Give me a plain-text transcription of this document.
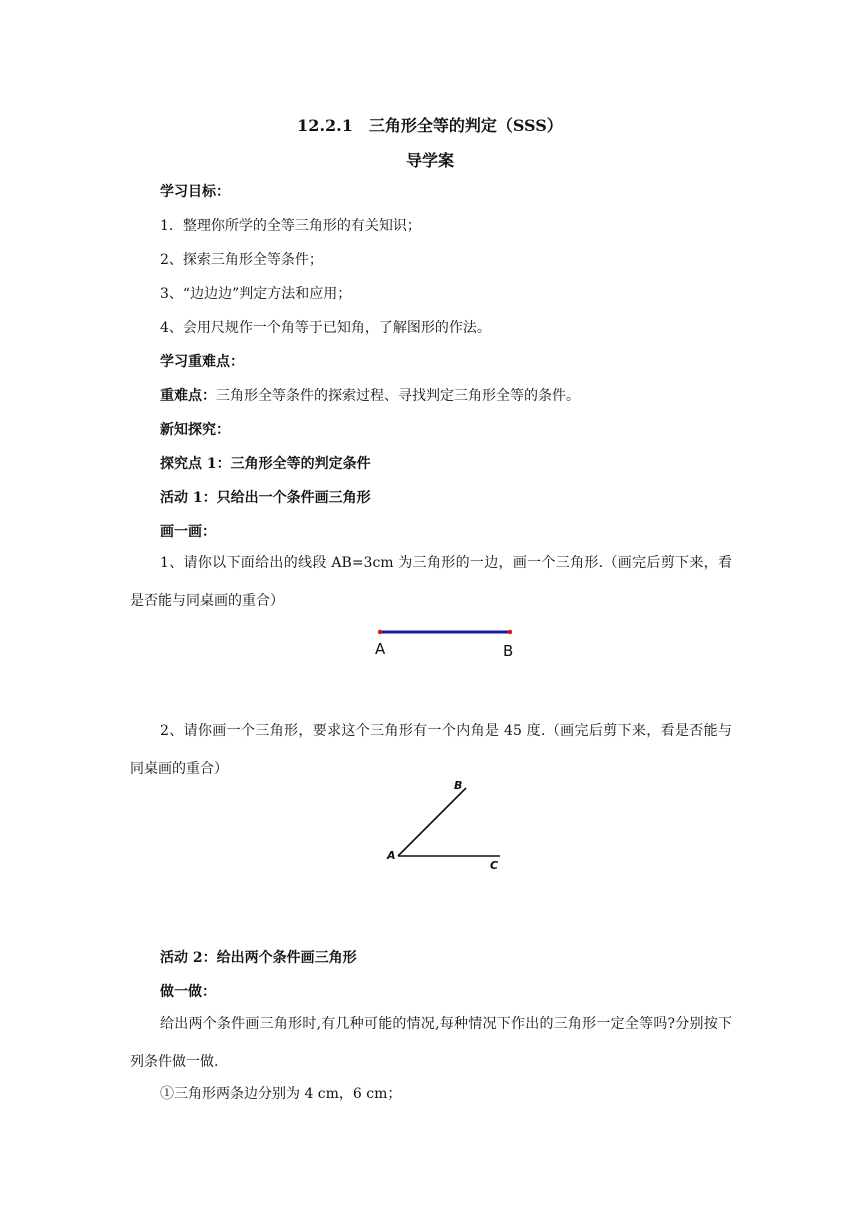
12.2.1　三角形全等的判定（SSS）
导学案
学习目标：
1．整理你所学的全等三角形的有关知识；
2、探索三角形全等条件；
3、“边边边”判定方法和应用；
4、会用尺规作一个角等于已知角，了解图形的作法。
学习重难点：
重难点：三角形全等条件的探索过程、寻找判定三角形全等的条件。
新知探究：
探究点 1：三角形全等的判定条件
活动 1：只给出一个条件画三角形
画一画：
1、请你以下面给出的线段 AB=3cm 为三角形的一边，画一个三角形.（画完后剪下来，看是否能与同桌画的重合）
A	B
2、请你画一个三角形，要求这个三角形有一个内角是 45 度.（画完后剪下来，看是否能与同桌画的重合）
B
A
C
活动 2：给出两个条件画三角形
做一做：
给出两个条件画三角形时,有几种可能的情况,每种情况下作出的三角形一定全等吗?分别按下列条件做一做.
①三角形两条边分别为 4 cm，6 cm；
